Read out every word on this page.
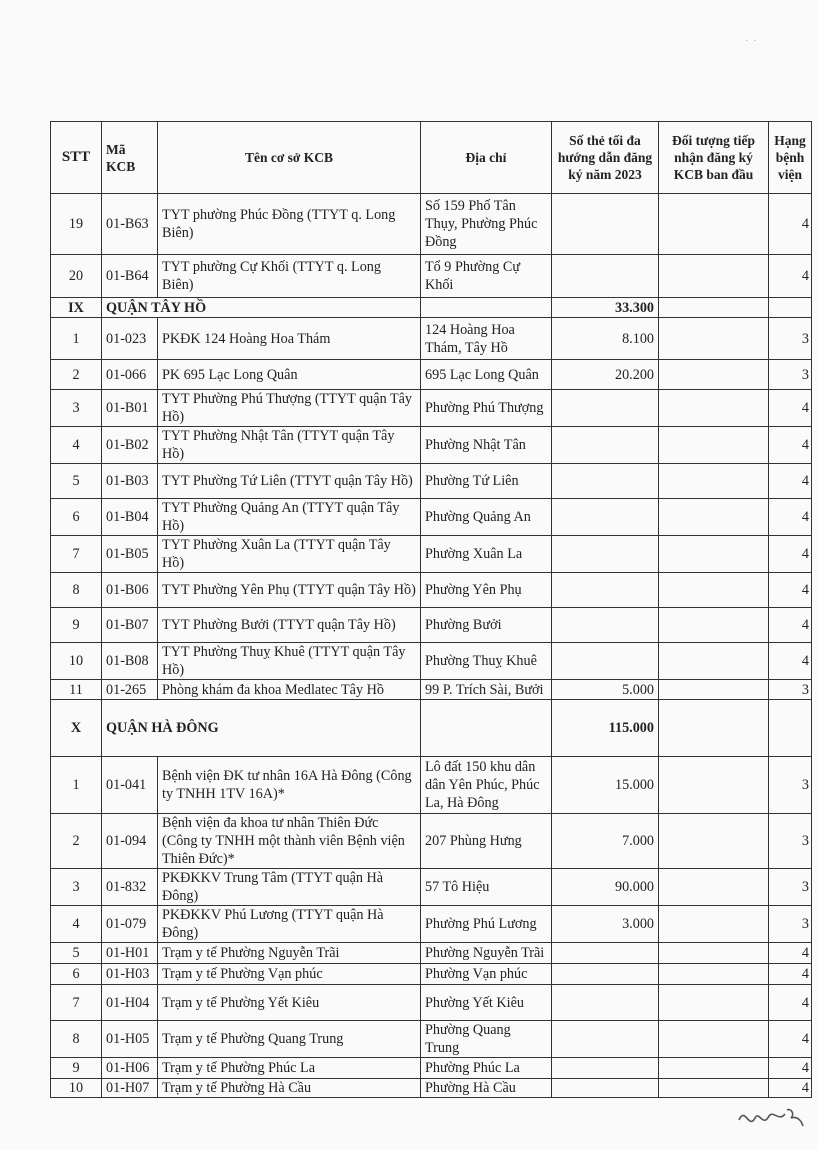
STT	Mã KCB	Tên cơ sở KCB	Địa chỉ	Số thẻ tối đa hướng dẫn đăng ký năm 2023	Đối tượng tiếp nhận đăng ký KCB ban đầu	Hạng bệnh viện
19	01-B63	TYT phường Phúc Đồng (TTYT q. Long Biên)	Số 159 Phố Tân Thụy, Phường Phúc Đồng			4
20	01-B64	TYT phường Cự Khối (TTYT q. Long Biên)	Tổ 9 Phường Cự Khối			4
IX	QUẬN TÂY HỒ			33.300		
1	01-023	PKĐK 124 Hoàng Hoa Thám	124 Hoàng Hoa Thám, Tây Hồ	8.100		3
2	01-066	PK 695 Lạc Long Quân	695 Lạc Long Quân	20.200		3
3	01-B01	TYT Phường Phú Thượng (TTYT quận Tây Hồ)	Phường Phú Thượng			4
4	01-B02	TYT Phường Nhật Tân (TTYT quận Tây Hồ)	Phường Nhật Tân			4
5	01-B03	TYT Phường Tứ Liên (TTYT quận Tây Hồ)	Phường Tứ Liên			4
6	01-B04	TYT Phường Quảng An (TTYT quận Tây Hồ)	Phường Quảng An			4
7	01-B05	TYT Phường Xuân La (TTYT quận Tây Hồ)	Phường Xuân La			4
8	01-B06	TYT Phường Yên Phụ (TTYT quận Tây Hồ)	Phường Yên Phụ			4
9	01-B07	TYT Phường Bưởi (TTYT quận Tây Hồ)	Phường Bưởi			4
10	01-B08	TYT Phường Thuỵ Khuê (TTYT quận Tây Hồ)	Phường Thuỵ Khuê			4
11	01-265	Phòng khám đa khoa Medlatec Tây Hồ	99 P. Trích Sài, Bưởi	5.000		3
X	QUẬN HÀ ĐÔNG			115.000		
1	01-041	Bệnh viện ĐK tư nhân 16A Hà Đông (Công ty TNHH 1TV 16A)*	Lô đất 150 khu dân dân Yên Phúc, Phúc La, Hà Đông	15.000		3
2	01-094	Bệnh viện đa khoa tư nhân Thiên Đức (Công ty TNHH một thành viên Bệnh viện Thiên Đức)*	207 Phùng Hưng	7.000		3
3	01-832	PKĐKKV Trung Tâm (TTYT quận Hà Đông)	57 Tô Hiệu	90.000		3
4	01-079	PKĐKKV Phú Lương (TTYT quận Hà Đông)	Phường Phú Lương	3.000		3
5	01-H01	Trạm y tế Phường Nguyễn Trãi	Phường Nguyễn Trãi			4
6	01-H03	Trạm y tế Phường Vạn phúc	Phường Vạn phúc			4
7	01-H04	Trạm y tế Phường Yết Kiêu	Phường Yết Kiêu			4
8	01-H05	Trạm y tế Phường Quang Trung	Phường Quang Trung			4
9	01-H06	Trạm y tế Phường Phúc La	Phường Phúc La			4
10	01-H07	Trạm y tế Phường Hà Cầu	Phường Hà Cầu			4
·  ·
